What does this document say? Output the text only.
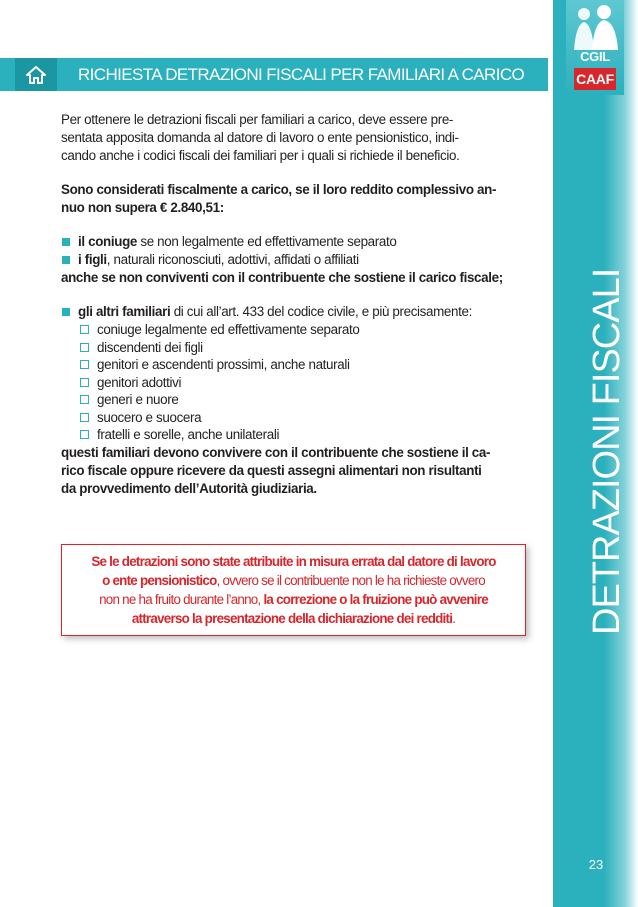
RICHIESTA DETRAZIONI FISCALI PER FAMILIARI A CARICO
CGIL
CAAF
DETRAZIONI FISCALI
23

Per ottenere le detrazioni fiscali per familiari a carico, deve essere pre-

sentata apposita domanda al datore di lavoro o ente pensionistico, indi-

cando anche i codici fiscali dei familiari per i quali si richiede il beneficio.

Sono considerati fiscalmente a carico, se il loro reddito complessivo an-

nuo non supera € 2.840,51:

il coniuge se non legalmente ed effettivamente separato

i figli, naturali riconosciuti, adottivi, affidati o affiliati

anche se non conviventi con il contribuente che sostiene il carico fiscale;

gli altri familiari di cui all’art. 433 del codice civile, e più precisamente:

coniuge legalmente ed effettivamente separato

discendenti dei figli

genitori e ascendenti prossimi, anche naturali

genitori adottivi

generi e nuore

suocero e suocera

fratelli e sorelle, anche unilaterali

questi familiari devono convivere con il contribuente che sostiene il ca-

rico fiscale oppure ricevere da questi assegni alimentari non risultanti

da provvedimento dell’Autorità giudiziaria.

Se le detrazioni sono state attribuite in misura errata dal datore di lavoro
o ente pensionistico, ovvero se il contribuente non le ha richieste ovvero
non ne ha fruito durante l’anno, la correzione o la fruizione può avvenire
attraverso la presentazione della dichiarazione dei redditi.
